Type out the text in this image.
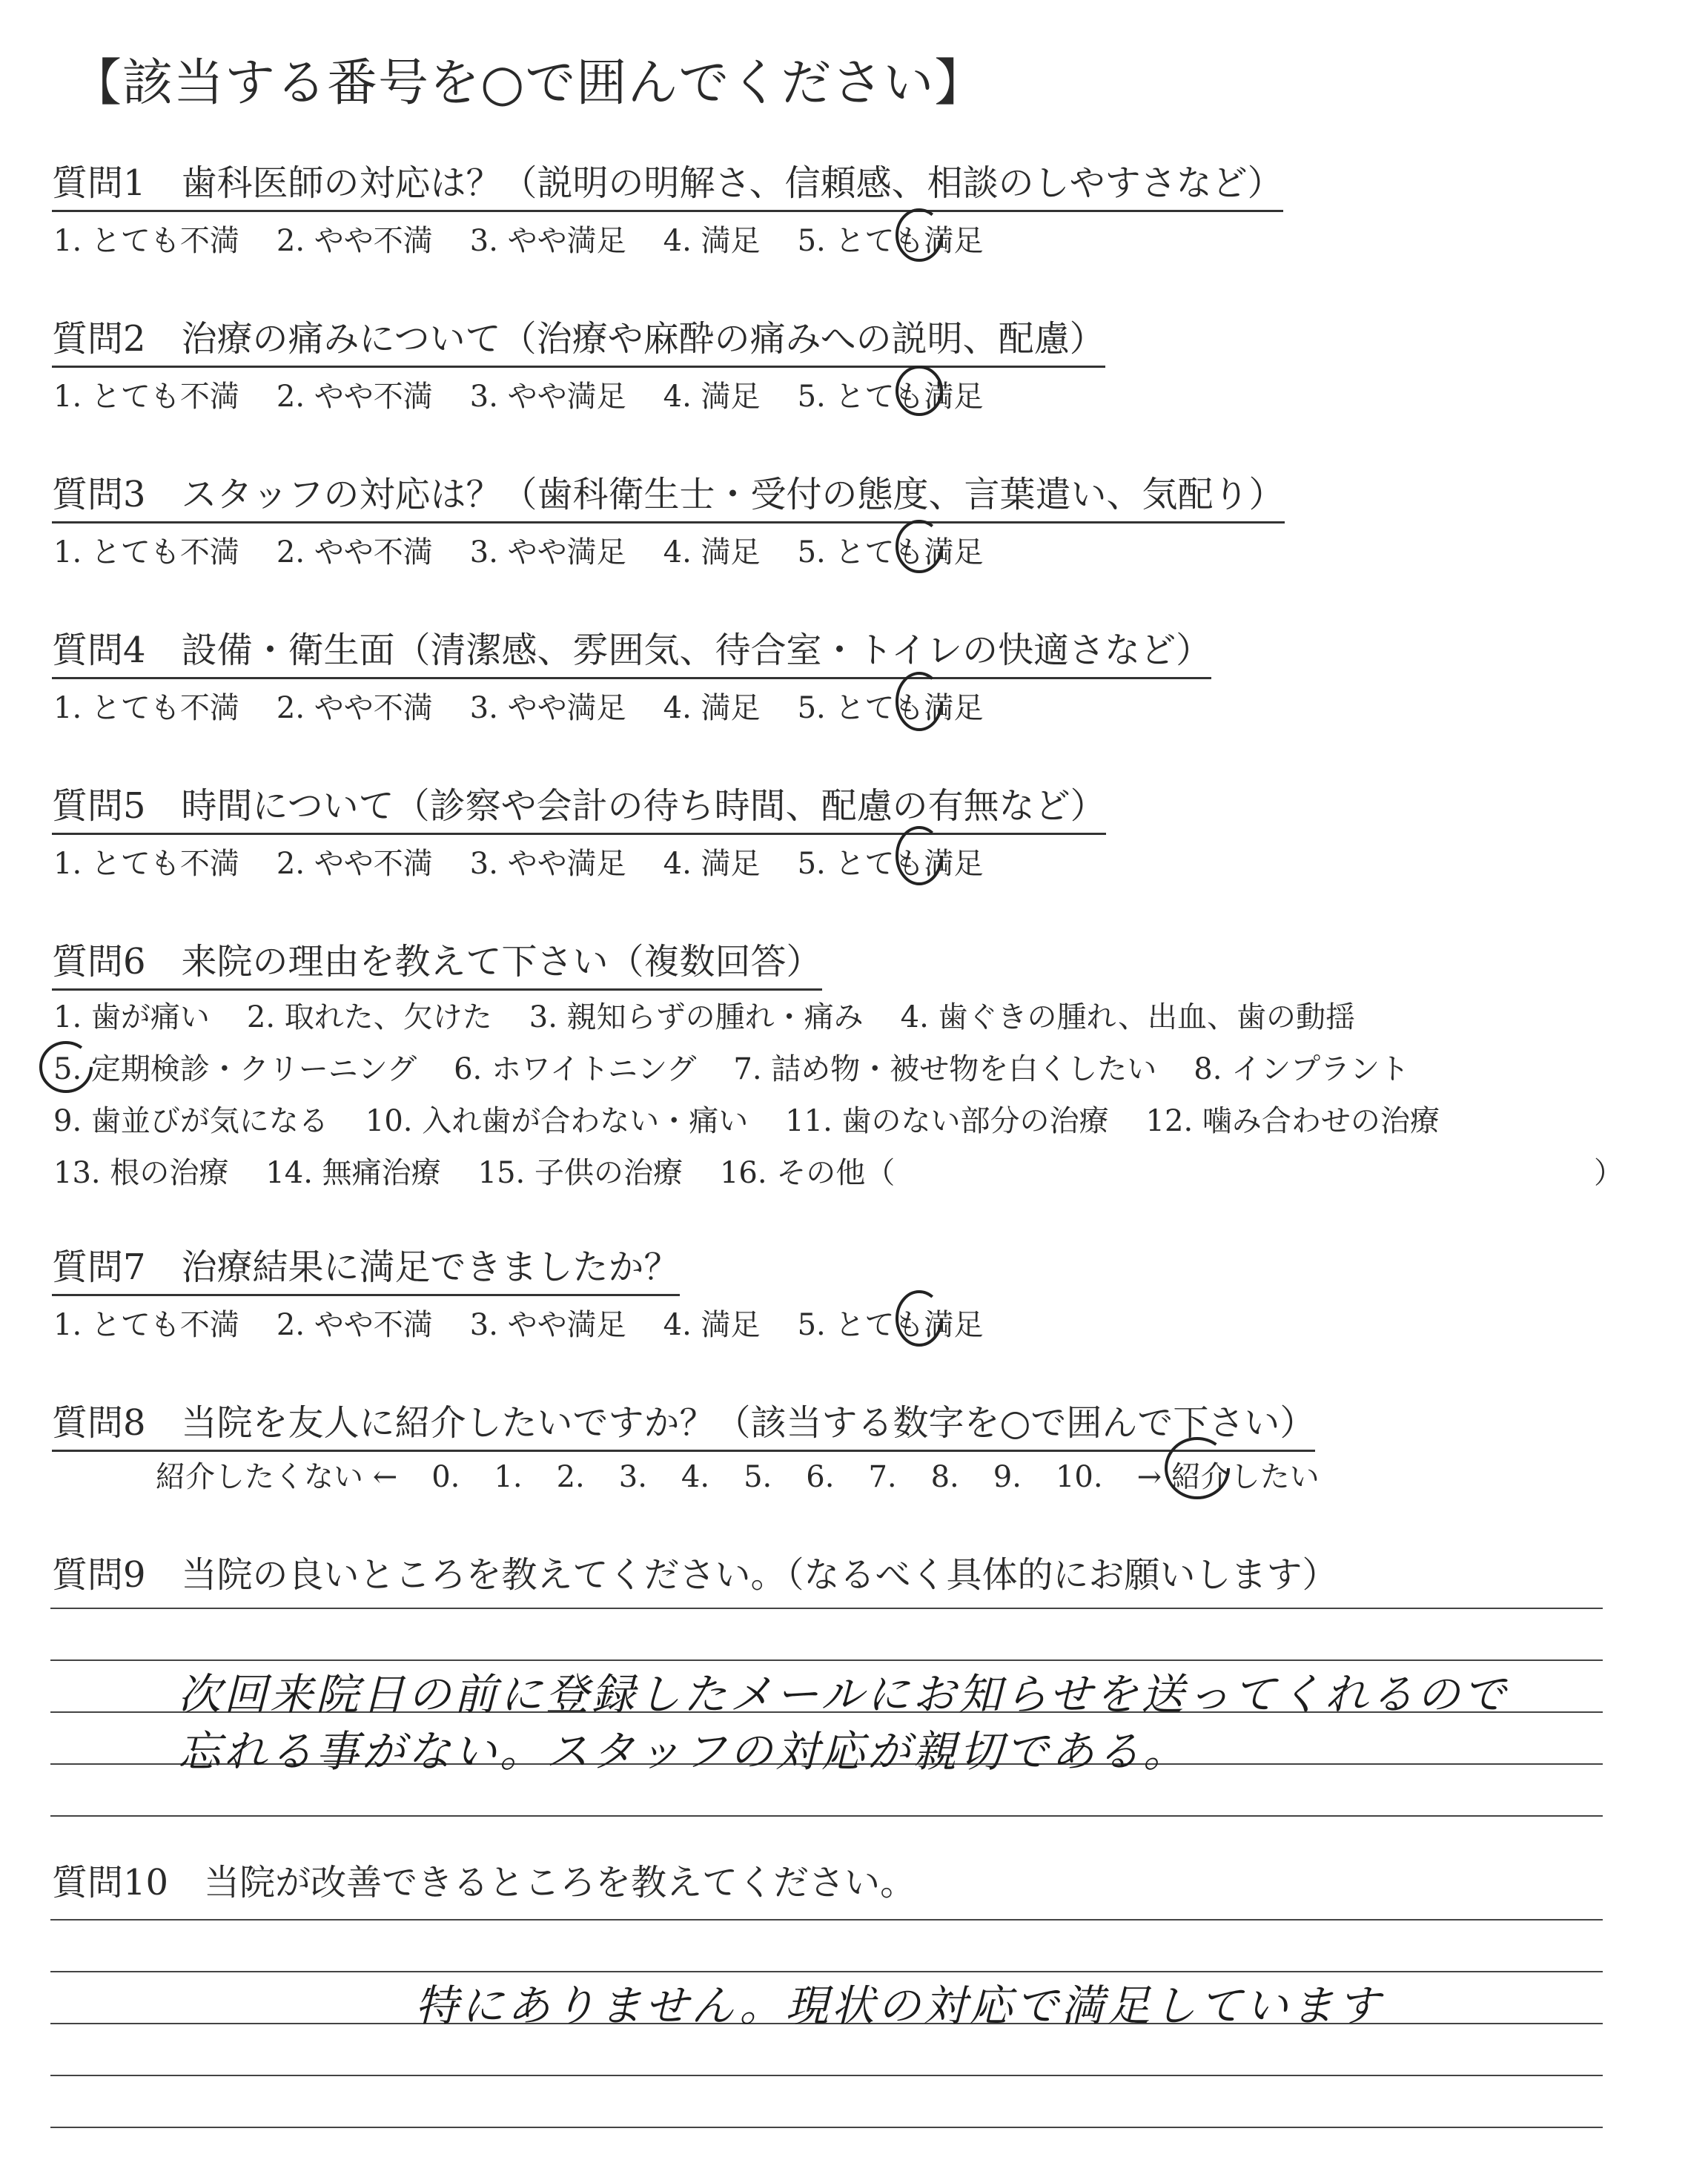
【該当する番号を○で囲んでください】
質問1　歯科医師の対応は？（説明の明解さ、信頼感、相談のしやすさなど）
1. とても不満 2. やや不満 3. やや満足 4. 満足 5. とても満足
質問2　治療の痛みについて（治療や麻酔の痛みへの説明、配慮）
1. とても不満 2. やや不満 3. やや満足 4. 満足 5. とても満足
質問3　スタッフの対応は？（歯科衛生士・受付の態度、言葉遣い、気配り）
1. とても不満 2. やや不満 3. やや満足 4. 満足 5. とても満足
質問4　設備・衛生面（清潔感、雰囲気、待合室・トイレの快適さなど）
1. とても不満 2. やや不満 3. やや満足 4. 満足 5. とても満足
質問5　時間について（診察や会計の待ち時間、配慮の有無など）
1. とても不満 2. やや不満 3. やや満足 4. 満足 5. とても満足
質問6　来院の理由を教えて下さい（複数回答）
1. 歯が痛い 2. 取れた、欠けた 3. 親知らずの腫れ・痛み 4. 歯ぐきの腫れ、出血、歯の動揺
5. 定期検診・クリーニング 6. ホワイトニング 7. 詰め物・被せ物を白くしたい 8. インプラント
9. 歯並びが気になる 10. 入れ歯が合わない・痛い 11. 歯のない部分の治療 12. 噛み合わせの治療
13. 根の治療 14. 無痛治療 15. 子供の治療 16. その他（	）
質問7　治療結果に満足できましたか？
1. とても不満 2. やや不満 3. やや満足 4. 満足 5. とても満足
質問8　当院を友人に紹介したいですか？（該当する数字を○で囲んで下さい）
紹介したくない ← 0. 1. 2. 3. 4. 5. 6. 7. 8. 9. 10. → 紹介したい
質問9　当院の良いところを教えてください。（なるべく具体的にお願いします）
次回来院日の前に登録したメールにお知らせを送ってくれるので
忘れる事がない。スタッフの対応が親切である。
質問10　当院が改善できるところを教えてください。
特にありません。現状の対応で満足しています
